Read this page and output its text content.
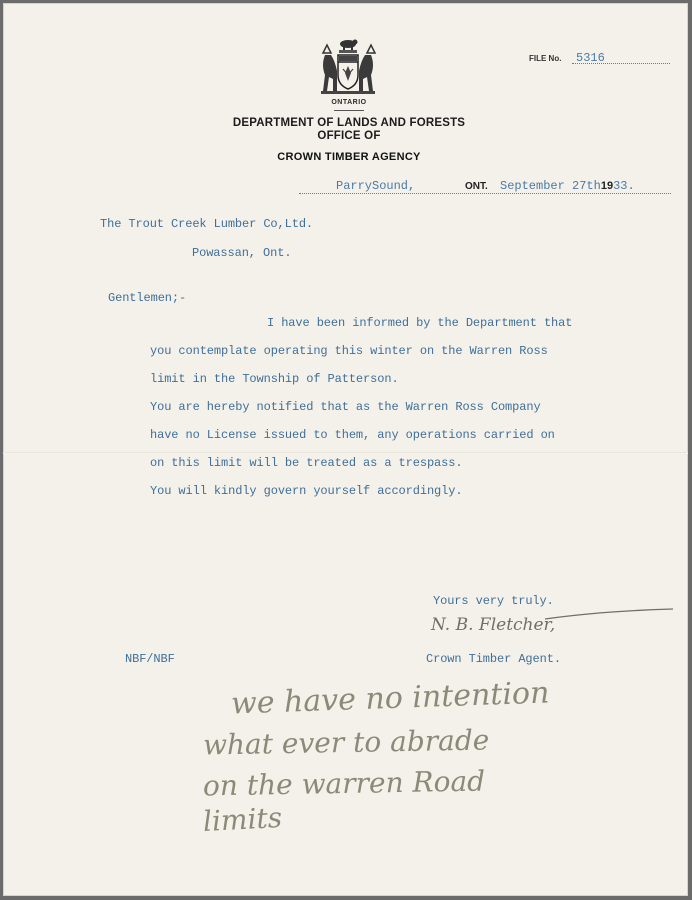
ONTARIO
DEPARTMENT OF LANDS AND FORESTS
OFFICE OF
CROWN TIMBER AGENCY
FILE No. 5316
ParrySound,	ONT. September 27th1933.
The Trout Creek Lumber Co,Ltd.
Powassan, Ont.
Gentlemen;-
I have been informed by the Department that
you contemplate operating this winter on the Warren Ross
limit in the Township of Patterson.
You are hereby notified that as the Warren Ross Company
have no License issued to them, any operations carried on
on this limit will be treated as a trespass.
You will kindly govern yourself accordingly.
Yours very truly.
N. B. Fletcher,
NBF/NBF	Crown Timber Agent.
we have no intention
what ever to abrade
on the warren Road
limits
